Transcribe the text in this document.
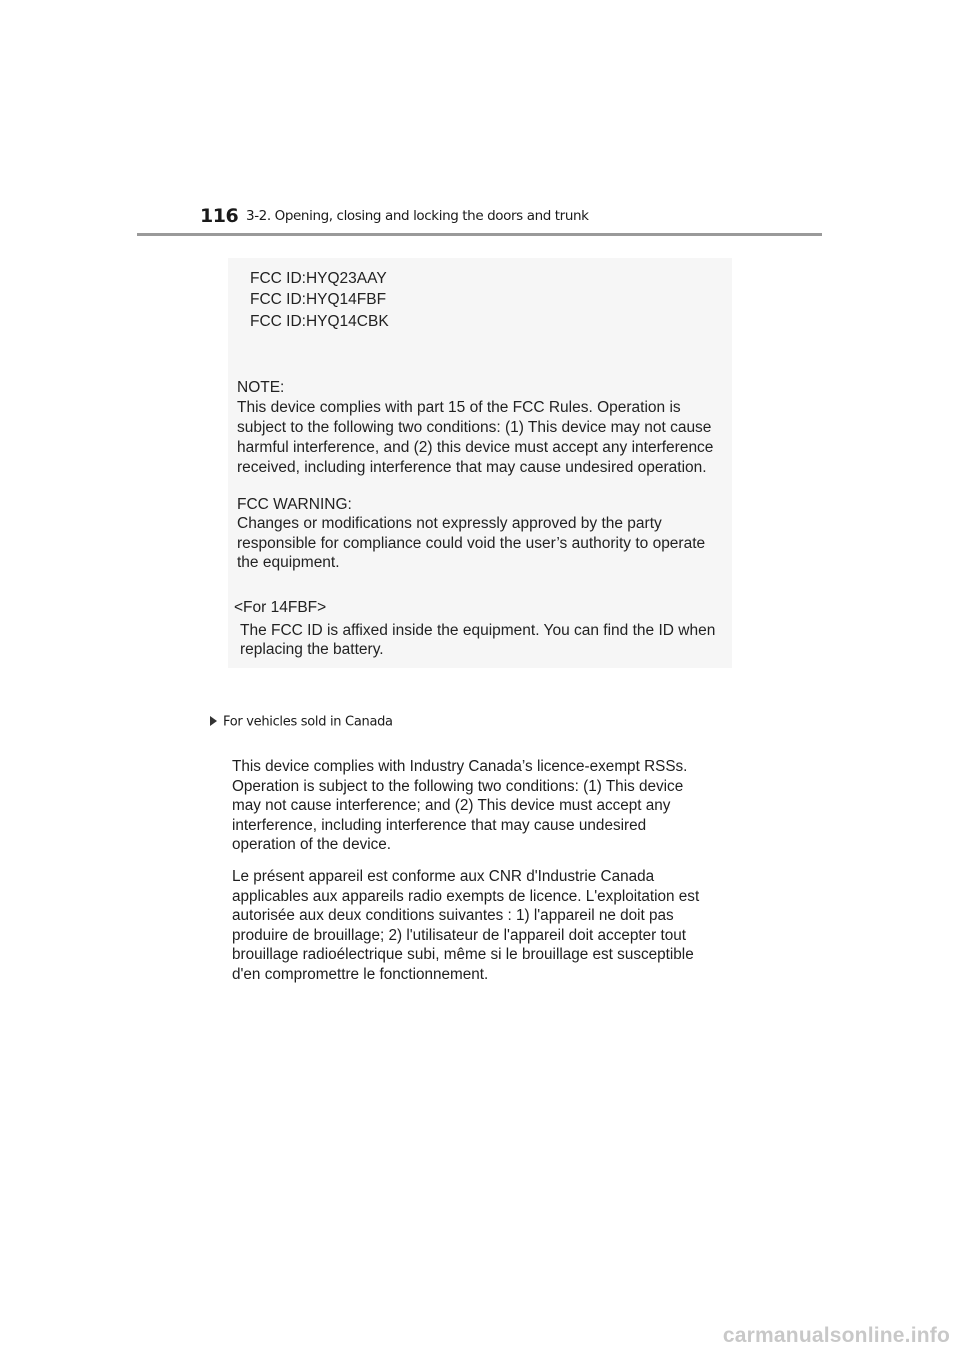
116 3-2. Opening, closing and locking the doors and trunk
FCC ID:HYQ23AAY
FCC ID:HYQ14FBF
FCC ID:HYQ14CBK
NOTE:
This device complies with part 15 of the FCC Rules. Operation is
subject to the following two conditions: (1) This device may not cause
harmful interference, and (2) this device must accept any interference
received, including interference that may cause undesired operation.
FCC WARNING:
Changes or modifications not expressly approved by the party
responsible for compliance could void the user’s authority to operate
the equipment.
<For 14FBF>
The FCC ID is affixed inside the equipment. You can find the ID when
replacing the battery.
For vehicles sold in Canada
This device complies with Industry Canada’s licence-exempt RSSs.
Operation is subject to the following two conditions: (1) This device
may not cause interference; and (2) This device must accept any
interference, including interference that may cause undesired
operation of the device.
Le présent appareil est conforme aux CNR d'Industrie Canada
applicables aux appareils radio exempts de licence. L'exploitation est
autorisée aux deux conditions suivantes : 1) l'appareil ne doit pas
produire de brouillage; 2) l'utilisateur de l'appareil doit accepter tout
brouillage radioélectrique subi, même si le brouillage est susceptible
d'en compromettre le fonctionnement.
carmanualsonline.info
